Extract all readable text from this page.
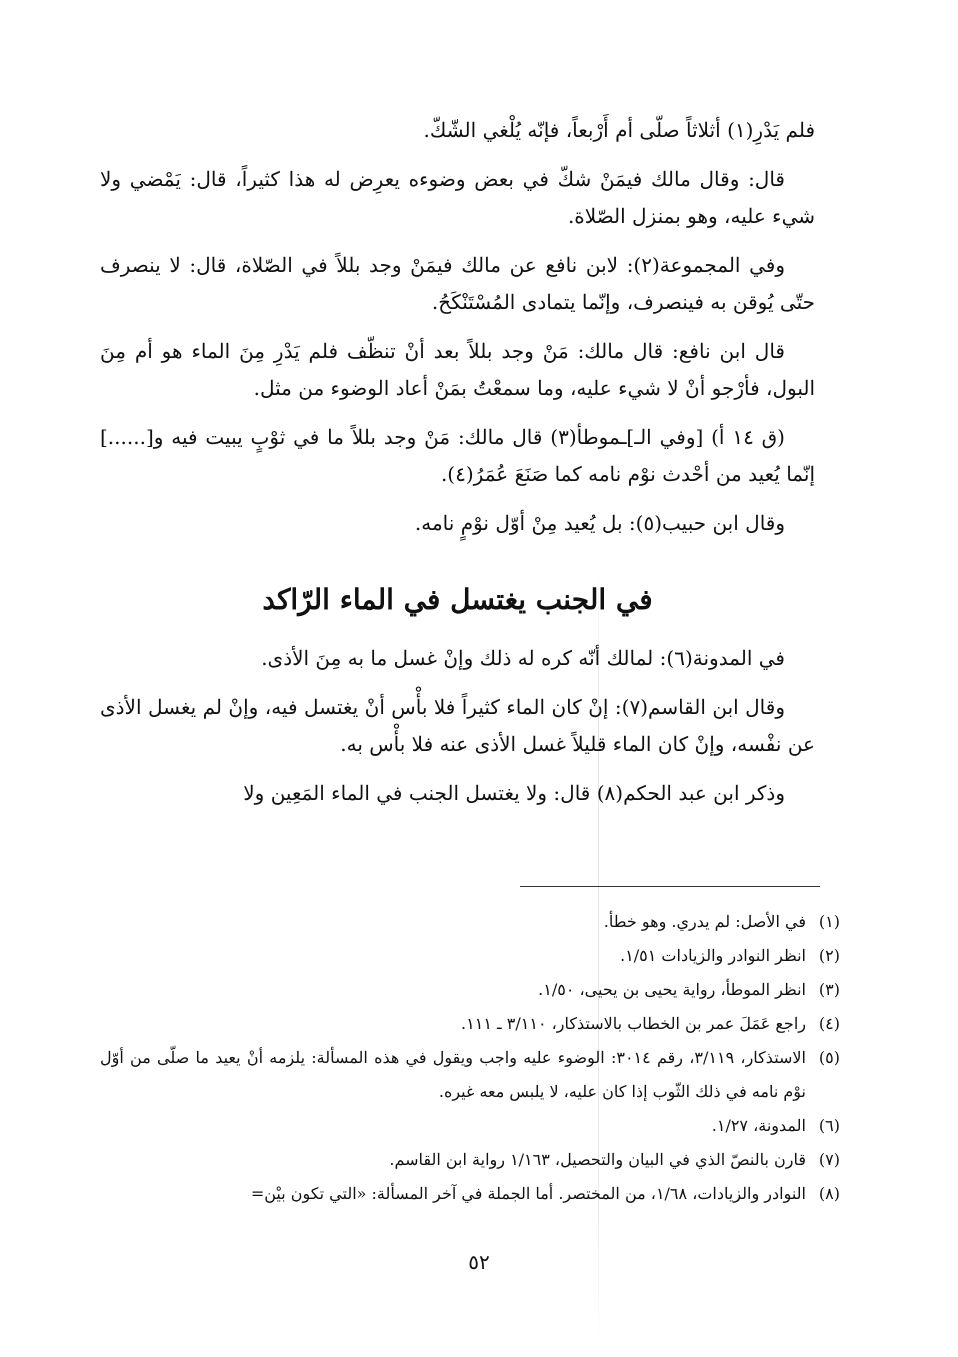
فلم يَدْرِ(١) أثلاثاً صلّى أم أَرْبعاً، فإنّه يُلْغي الشّكّ.

قال: وقال مالك فيمَنْ شكّ في بعض وضوءه يعرِض له هذا كثيراً، قال: يَمْضي ولا شيء عليه، وهو بمنزل الصّلاة.

وفي المجموعة(٢): لابن نافع عن مالك فيمَنْ وجد بللاً في الصّلاة، قال: لا ينصرف حتّى يُوقن به فينصرف، وإنّما يتمادى المُسْتَنْكَحُ.

قال ابن نافع: قال مالك: مَنْ وجد بللاً بعد أنْ تنظّف فلم يَدْرِ مِنَ الماء هو أم مِنَ البول، فأرْجو أنْ لا شيء عليه، وما سمعْتُ بمَنْ أعاد الوضوء من مثل.

(ق ١٤ أ) [وفي الـ]ـموطأ(٣) قال مالك: مَنْ وجد بللاً ما في ثوْبٍ يبيت فيه و[......] إنّما يُعيد من أحْدث نوْم نامه كما صَنَعَ عُمَرُ(٤).

وقال ابن حبيب(٥): بل يُعيد مِنْ أوّل نوْمٍ نامه.

في الجنب يغتسل في الماء الرّاكد

في المدونة(٦): لمالك أنّه كره له ذلك وإنْ غسل ما به مِنَ الأذى.

وقال ابن القاسم(٧): إنْ كان الماء كثيراً فلا بأْس أنْ يغتسل فيه، وإنْ لم يغسل الأذى عن نفْسه، وإنْ كان الماء قليلاً غسل الأذى عنه فلا بأْس به.

وذكر ابن عبد الحكم(٨) قال: ولا يغتسل الجنب في الماء المَعِين ولا

(١)
في الأصل: لم يدري. وهو خطأ.
(٢)
انظر النوادر والزيادات ١/٥١.
(٣)
انظر الموطأ، رواية يحيى بن يحيى، ١/٥٠.
(٤)
راجع عَمَلَ عمر بن الخطاب بالاستذكار، ٣/١١٠ ـ ١١١.
(٥)
الاستذكار، ٣/١١٩، رقم ٣٠١٤: الوضوء عليه واجب ويقول في هذه المسألة: يلزمه أنْ يعيد ما صلّى من أوّل نوْم نامه في ذلك الثّوب إذا كان عليه، لا يلبس معه غيره.
(٦)
المدونة، ١/٢٧.
(٧)
قارن بالنصّ الذي في البيان والتحصيل، ١/١٦٣ رواية ابن القاسم.
(٨)
النوادر والزيادات، ١/٦٨، من المختصر. أما الجملة في آخر المسألة: «التي تكون بيْن=
٥٢
